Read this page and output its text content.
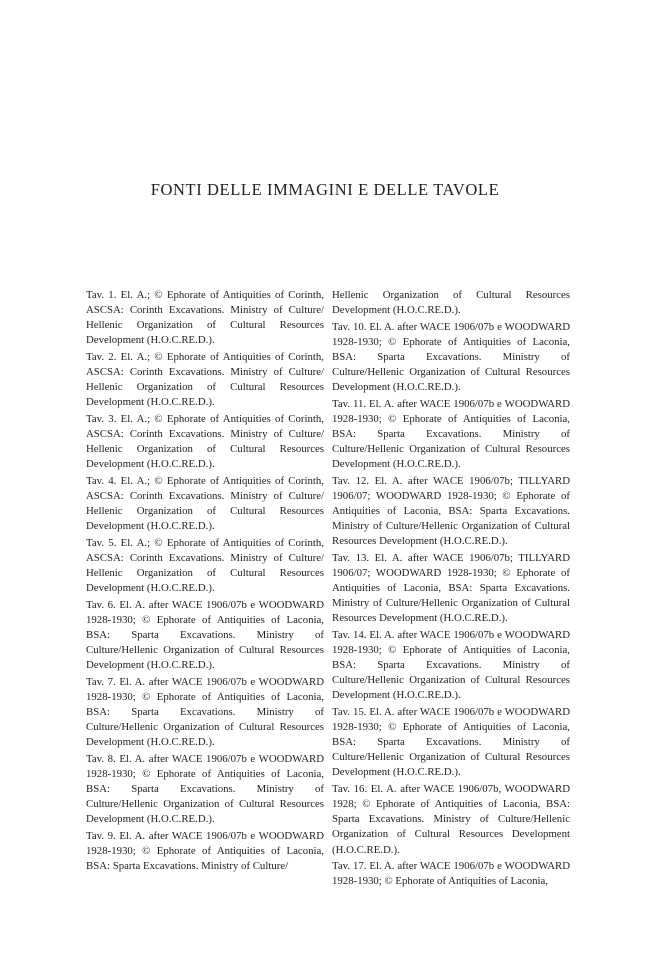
FONTI DELLE IMMAGINI E DELLE TAVOLE

Tav. 1. El. A.; © Ephorate of Antiquities of Corinth, ASCSA: Corinth Excavations. Ministry of Culture/ Hellenic Organization of Cultural Resources Development (H.O.C.RE.D.).

Tav. 2. El. A.; © Ephorate of Antiquities of Corinth, ASCSA: Corinth Excavations. Ministry of Culture/ Hellenic Organization of Cultural Resources Development (H.O.C.RE.D.).

Tav. 3. El. A.; © Ephorate of Antiquities of Corinth, ASCSA: Corinth Excavations. Ministry of Culture/ Hellenic Organization of Cultural Resources Development (H.O.C.RE.D.).

Tav. 4. El. A.; © Ephorate of Antiquities of Corinth, ASCSA: Corinth Excavations. Ministry of Culture/ Hellenic Organization of Cultural Resources Development (H.O.C.RE.D.).

Tav. 5. El. A.; © Ephorate of Antiquities of Corinth, ASCSA: Corinth Excavations. Ministry of Culture/ Hellenic Organization of Cultural Resources Development (H.O.C.RE.D.).

Tav. 6. El. A. after WACE 1906/07b e WOODWARD 1928-1930; © Ephorate of Antiquities of Laconia, BSA: Sparta Excavations. Ministry of Culture/Hellenic Organization of Cultural Resources Development (H.O.C.RE.D.).

Tav. 7. El. A. after WACE 1906/07b e WOODWARD 1928-1930; © Ephorate of Antiquities of Laconia, BSA: Sparta Excavations. Ministry of Culture/Hellenic Organization of Cultural Resources Development (H.O.C.RE.D.).

Tav. 8. El. A. after WACE 1906/07b e WOODWARD 1928-1930; © Ephorate of Antiquities of Laconia, BSA: Sparta Excavations. Ministry of Culture/Hellenic Organization of Cultural Resources Development (H.O.C.RE.D.).

Tav. 9. El. A. after WACE 1906/07b e WOODWARD 1928-1930; © Ephorate of Antiquities of Laconia, BSA: Sparta Excavations. Ministry of Culture/

Hellenic Organization of Cultural Resources Development (H.O.C.RE.D.).

Tav. 10. El. A. after WACE 1906/07b e WOODWARD 1928-1930; © Ephorate of Antiquities of Laconia, BSA: Sparta Excavations. Ministry of Culture/Hellenic Organization of Cultural Resources Development (H.O.C.RE.D.).

Tav. 11. El. A. after WACE 1906/07b e WOODWARD 1928-1930; © Ephorate of Antiquities of Laconia, BSA: Sparta Excavations. Ministry of Culture/Hellenic Organization of Cultural Resources Development (H.O.C.RE.D.).

Tav. 12. El. A. after WACE 1906/07b; TILLYARD 1906/07; WOODWARD 1928-1930; © Ephorate of Antiquities of Laconia, BSA: Sparta Excavations. Ministry of Culture/Hellenic Organization of Cultural Resources Development (H.O.C.RE.D.).

Tav. 13. El. A. after WACE 1906/07b; TILLYARD 1906/07; WOODWARD 1928-1930; © Ephorate of Antiquities of Laconia, BSA: Sparta Excavations. Ministry of Culture/Hellenic Organization of Cultural Resources Development (H.O.C.RE.D.).

Tav. 14. El. A. after WACE 1906/07b e WOODWARD 1928-1930; © Ephorate of Antiquities of Laconia, BSA: Sparta Excavations. Ministry of Culture/Hellenic Organization of Cultural Resources Development (H.O.C.RE.D.).

Tav. 15. El. A. after WACE 1906/07b e WOODWARD 1928-1930; © Ephorate of Antiquities of Laconia, BSA: Sparta Excavations. Ministry of Culture/Hellenic Organization of Cultural Resources Development (H.O.C.RE.D.).

Tav. 16. El. A. after WACE 1906/07b, WOODWARD 1928; © Ephorate of Antiquities of Laconia, BSA: Sparta Excavations. Ministry of Culture/Hellenic Organization of Cultural Resources Development (H.O.C.RE.D.).

Tav. 17. El. A. after WACE 1906/07b e WOODWARD 1928-1930; © Ephorate of Antiquities of Laconia,
